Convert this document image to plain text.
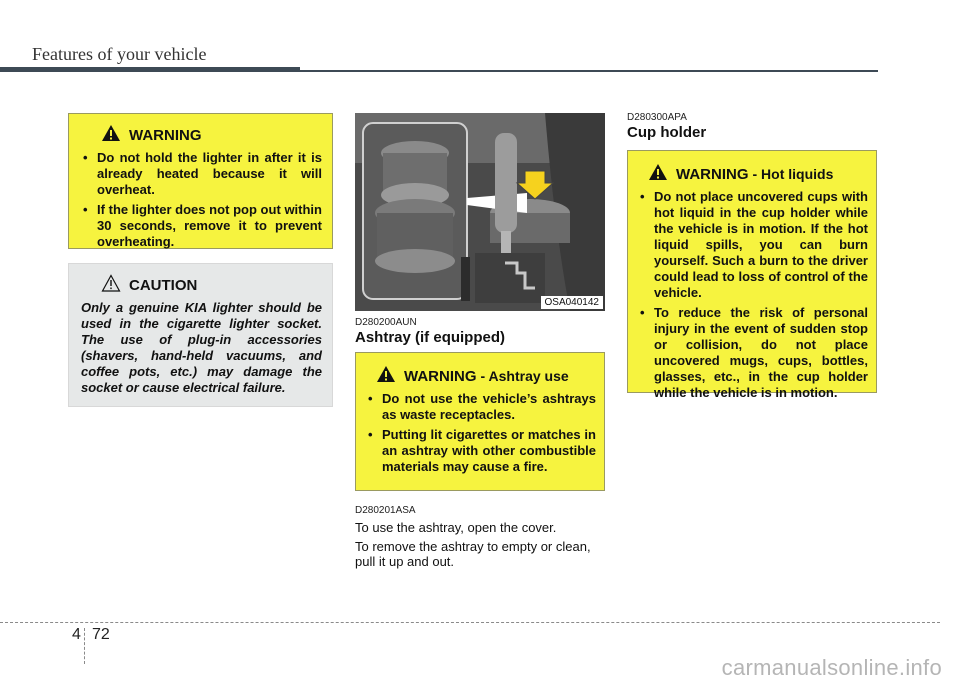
Features of your vehicle
WARNING
• Do not hold the lighter in after it is already heated because it will overheat.
• If the lighter does not pop out within 30 seconds, remove it to prevent overheating.
CAUTION

Only a genuine KIA lighter should be used in the cigarette lighter socket. The use of plug-in accessories (shavers, hand-held vacuums, and coffee pots, etc.) may damage the socket or cause electrical failure.

OSA040142
D280200AUN
Ashtray (if equipped)
WARNING - Ashtray use
• Do not use the vehicle’s ashtrays as waste receptacles.
• Putting lit cigarettes or matches in an ashtray with other combustible materials may cause a fire.
D280201ASA
To use the ashtray, open the cover.
To remove the ashtray to empty or clean, pull it up and out.
D280300APA
Cup holder
WARNING - Hot liquids
• Do not place uncovered cups with hot liquid in the cup holder while the vehicle is in motion. If the hot liquid spills, you can burn yourself. Such a burn to the driver could lead to loss of control of the vehicle.
• To reduce the risk of personal injury in the event of sudden stop or collision, do not place uncovered mugs, cups, bottles, glasses, etc., in the cup holder while the vehicle is in motion.
4 72
carmanualsonline.info
